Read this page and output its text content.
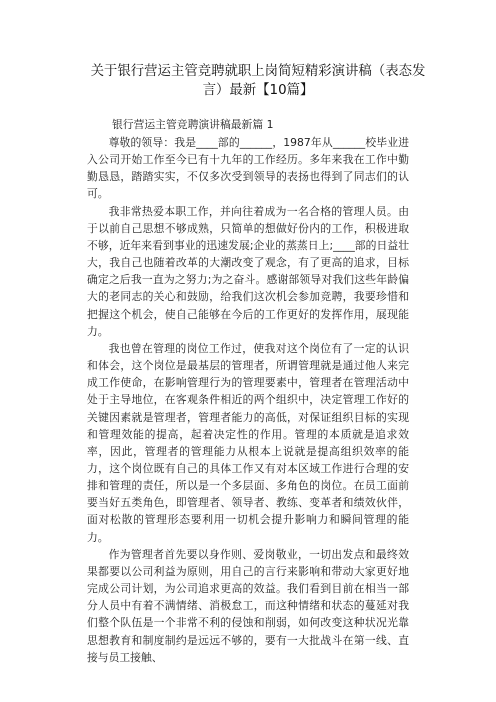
关于银行营运主管竞聘就职上岗简短精彩演讲稿（表态发言）最新【10篇】
银行营运主管竞聘演讲稿最新篇 1

尊敬的领导：我是____部的______，1987年从______校毕业进入公司开始工作至今已有十九年的工作经历。多年来我在工作中勤勤恳恳，踏踏实实，不仅多次受到领导的表扬也得到了同志们的认可。

我非常热爱本职工作，并向往着成为一名合格的管理人员。由于以前自己思想不够成熟，只简单的想做好份内的工作，积极进取不够，近年来看到事业的迅速发展;企业的蒸蒸日上;____部的日益壮大，我自己也随着改革的大潮改变了观念，有了更高的追求，目标确定之后我一直为之努力;为之奋斗。感谢部领导对我们这些年龄偏大的老同志的关心和鼓励，给我们这次机会参加竞聘，我要珍惜和把握这个机会，使自己能够在今后的工作更好的发挥作用，展现能力。

我也曾在管理的岗位工作过，使我对这个岗位有了一定的认识和体会，这个岗位是最基层的管理者，所谓管理就是通过他人来完成工作使命，在影响管理行为的管理要素中，管理者在管理活动中处于主导地位，在客观条件相近的两个组织中，决定管理工作好的关键因素就是管理者，管理者能力的高低，对保证组织目标的实现和管理效能的提高，起着决定性的作用。管理的本质就是追求效率，因此，管理者的管理能力从根本上说就是提高组织效率的能力，这个岗位既有自己的具体工作又有对本区域工作进行合理的安排和管理的责任，所以是一个多层面、多角色的岗位。在员工面前要当好五类角色，即管理者、领导者、教练、变革者和绩效伙伴，面对松散的管理形态要利用一切机会提升影响力和瞬间管理的能力。

作为管理者首先要以身作则、爱岗敬业，一切出发点和最终效果都要以公司利益为原则，用自己的言行来影响和带动大家更好地完成公司计划，为公司追求更高的效益。我们看到目前在相当一部分人员中有着不满情绪、消极怠工，而这种情绪和状态的蔓延对我们整个队伍是一个非常不利的侵蚀和削弱，如何改变这种状况光靠思想教育和制度制约是远远不够的，要有一大批战斗在第一线、直接与员工接触、
